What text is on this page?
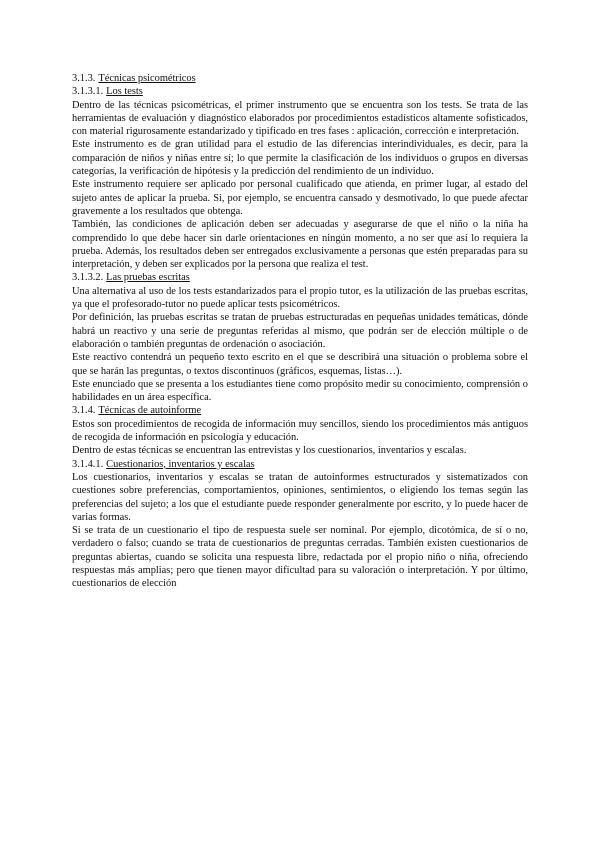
3.1.3. Técnicas psicométricos

3.1.3.1. Los tests

Dentro de las técnicas psicométricas, el primer instrumento que se encuentra son los tests. Se trata de las herramientas de evaluación y diagnóstico elaborados por procedimientos estadísticos altamente sofisticados, con material rigurosamente estandarizado y tipificado en tres fases : aplicación, corrección e interpretación.

Este instrumento es de gran utilidad para el estudio de las diferencias interindividuales, es decir, para la comparación de niños y niñas entre sí; lo que permite la clasificación de los individuos o grupos en diversas categorías, la verificación de hipótesis y la predicción del rendimiento de un individuo.

Este instrumento requiere ser aplicado por personal cualificado que atienda, en primer lugar, al estado del sujeto antes de aplicar la prueba. Si, por ejemplo, se encuentra cansado y desmotivado, lo que puede afectar gravemente a los resultados que obtenga.

También, las condiciones de aplicación deben ser adecuadas y asegurarse de que el niño o la niña ha comprendido lo que debe hacer sin darle orientaciones en ningún momento, a no ser que así lo requiera la prueba. Además, los resultados deben ser entregados exclusivamente a personas que estén preparadas para su interpretación, y deben ser explicados por la persona que realiza el test.

3.1.3.2. Las pruebas escritas

Una alternativa al uso de los tests estandarizados para el propio tutor, es la utilización de las pruebas escritas, ya que el profesorado-tutor no puede aplicar tests psicométricos.

Por definición, las pruebas escritas se tratan de pruebas estructuradas en pequeñas unidades temáticas, dónde habrá un reactivo y una serie de preguntas referidas al mismo, que podrán ser de elección múltiple o de elaboración o también preguntas de ordenación o asociación.

Este reactivo contendrá un pequeño texto escrito en el que se describirá una situación o problema sobre el que se harán las preguntas, o textos discontinuos (gráficos, esquemas, listas…).

Este enunciado que se presenta a los estudiantes tiene como propósito medir su conocimiento, comprensión o habilidades en un área específica.

3.1.4. Técnicas de autoinforme

Estos son procedimientos de recogida de información muy sencillos, siendo los procedimientos más antiguos de recogida de información en psicología y educación.

Dentro de estas técnicas se encuentran las entrevistas y los cuestionarios, inventarios y escalas.

3.1.4.1. Cuestionarios, inventarios y escalas

Los cuestionarios, inventarios y escalas se tratan de autoinformes estructurados y sistematizados con cuestiones sobre preferencias, comportamientos, opiniones, sentimientos, o eligiendo los temas según las preferencias del sujeto; a los que el estudiante puede responder generalmente por escrito, y lo puede hacer de varias formas.

Si se trata de un cuestionario el tipo de respuesta suele ser nominal. Por ejemplo, dicotómica, de sí o no, verdadero o falso; cuando se trata de cuestionarios de preguntas cerradas. También existen cuestionarios de preguntas abiertas, cuando se solicita una respuesta libre, redactada por el propio niño o niña, ofreciendo respuestas más amplias; pero que tienen mayor dificultad para su valoración o interpretación. Y por último, cuestionarios de elección
